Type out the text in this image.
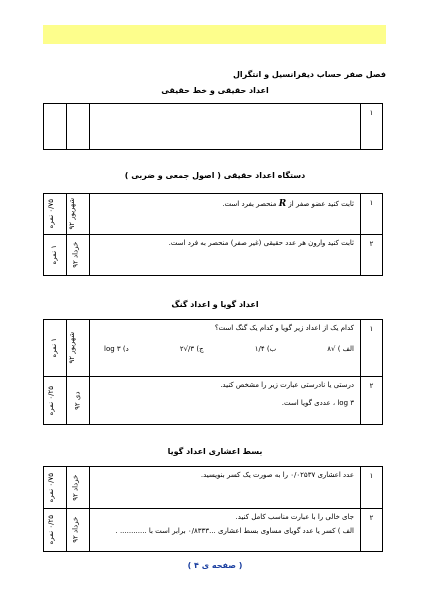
فصل صفر حساب دیفرانسیل و انتگرال
اعداد حقیقی و خط حقیقی
۱			
دستگاه اعداد حقیقی ( اصول جمعی و ضربی )
۱	ثابت کنید عضو صفر از R منحصر بفرد است.	شهریور ۹۲	۰/۷۵ نمره
۲	ثابت کنید وارون هر عدد حقیقی (غیر صفر) منحصر به فرد است.	خرداد ۹۲	۱ نمره
اعداد گویا و اعداد گنگ
۱	کدام یک از اعداد زیر گویا و کدام یک گنگ است؟
الف ) √۸
ب) ۱/۴
ج) ۳/√۲
د) log ۳	شهریور ۹۲	۱ نمره
۲	درستی یا نادرستی عبارت زیر را مشخص کنید.
log ۳ ، عددی گویا است.	دی ۹۲	۰/۲۵ نمره
بسط اعشاری اعداد گویا
۱	عدد اعشاری ۰/۰۲۵۳۷ را به صورت یک کسر بنویسید.	خرداد ۹۲	۰/۷۵ نمره
۲	جای خالی را با عبارت مناسب کامل کنید.
الف ) کسر یا عدد گویای مساوی بسط اعشاری ...۰/۸۳۳۳ برابر است با ............ .	خرداد ۹۲	۰/۲۵ نمره
( صفحه ی ۴ )
